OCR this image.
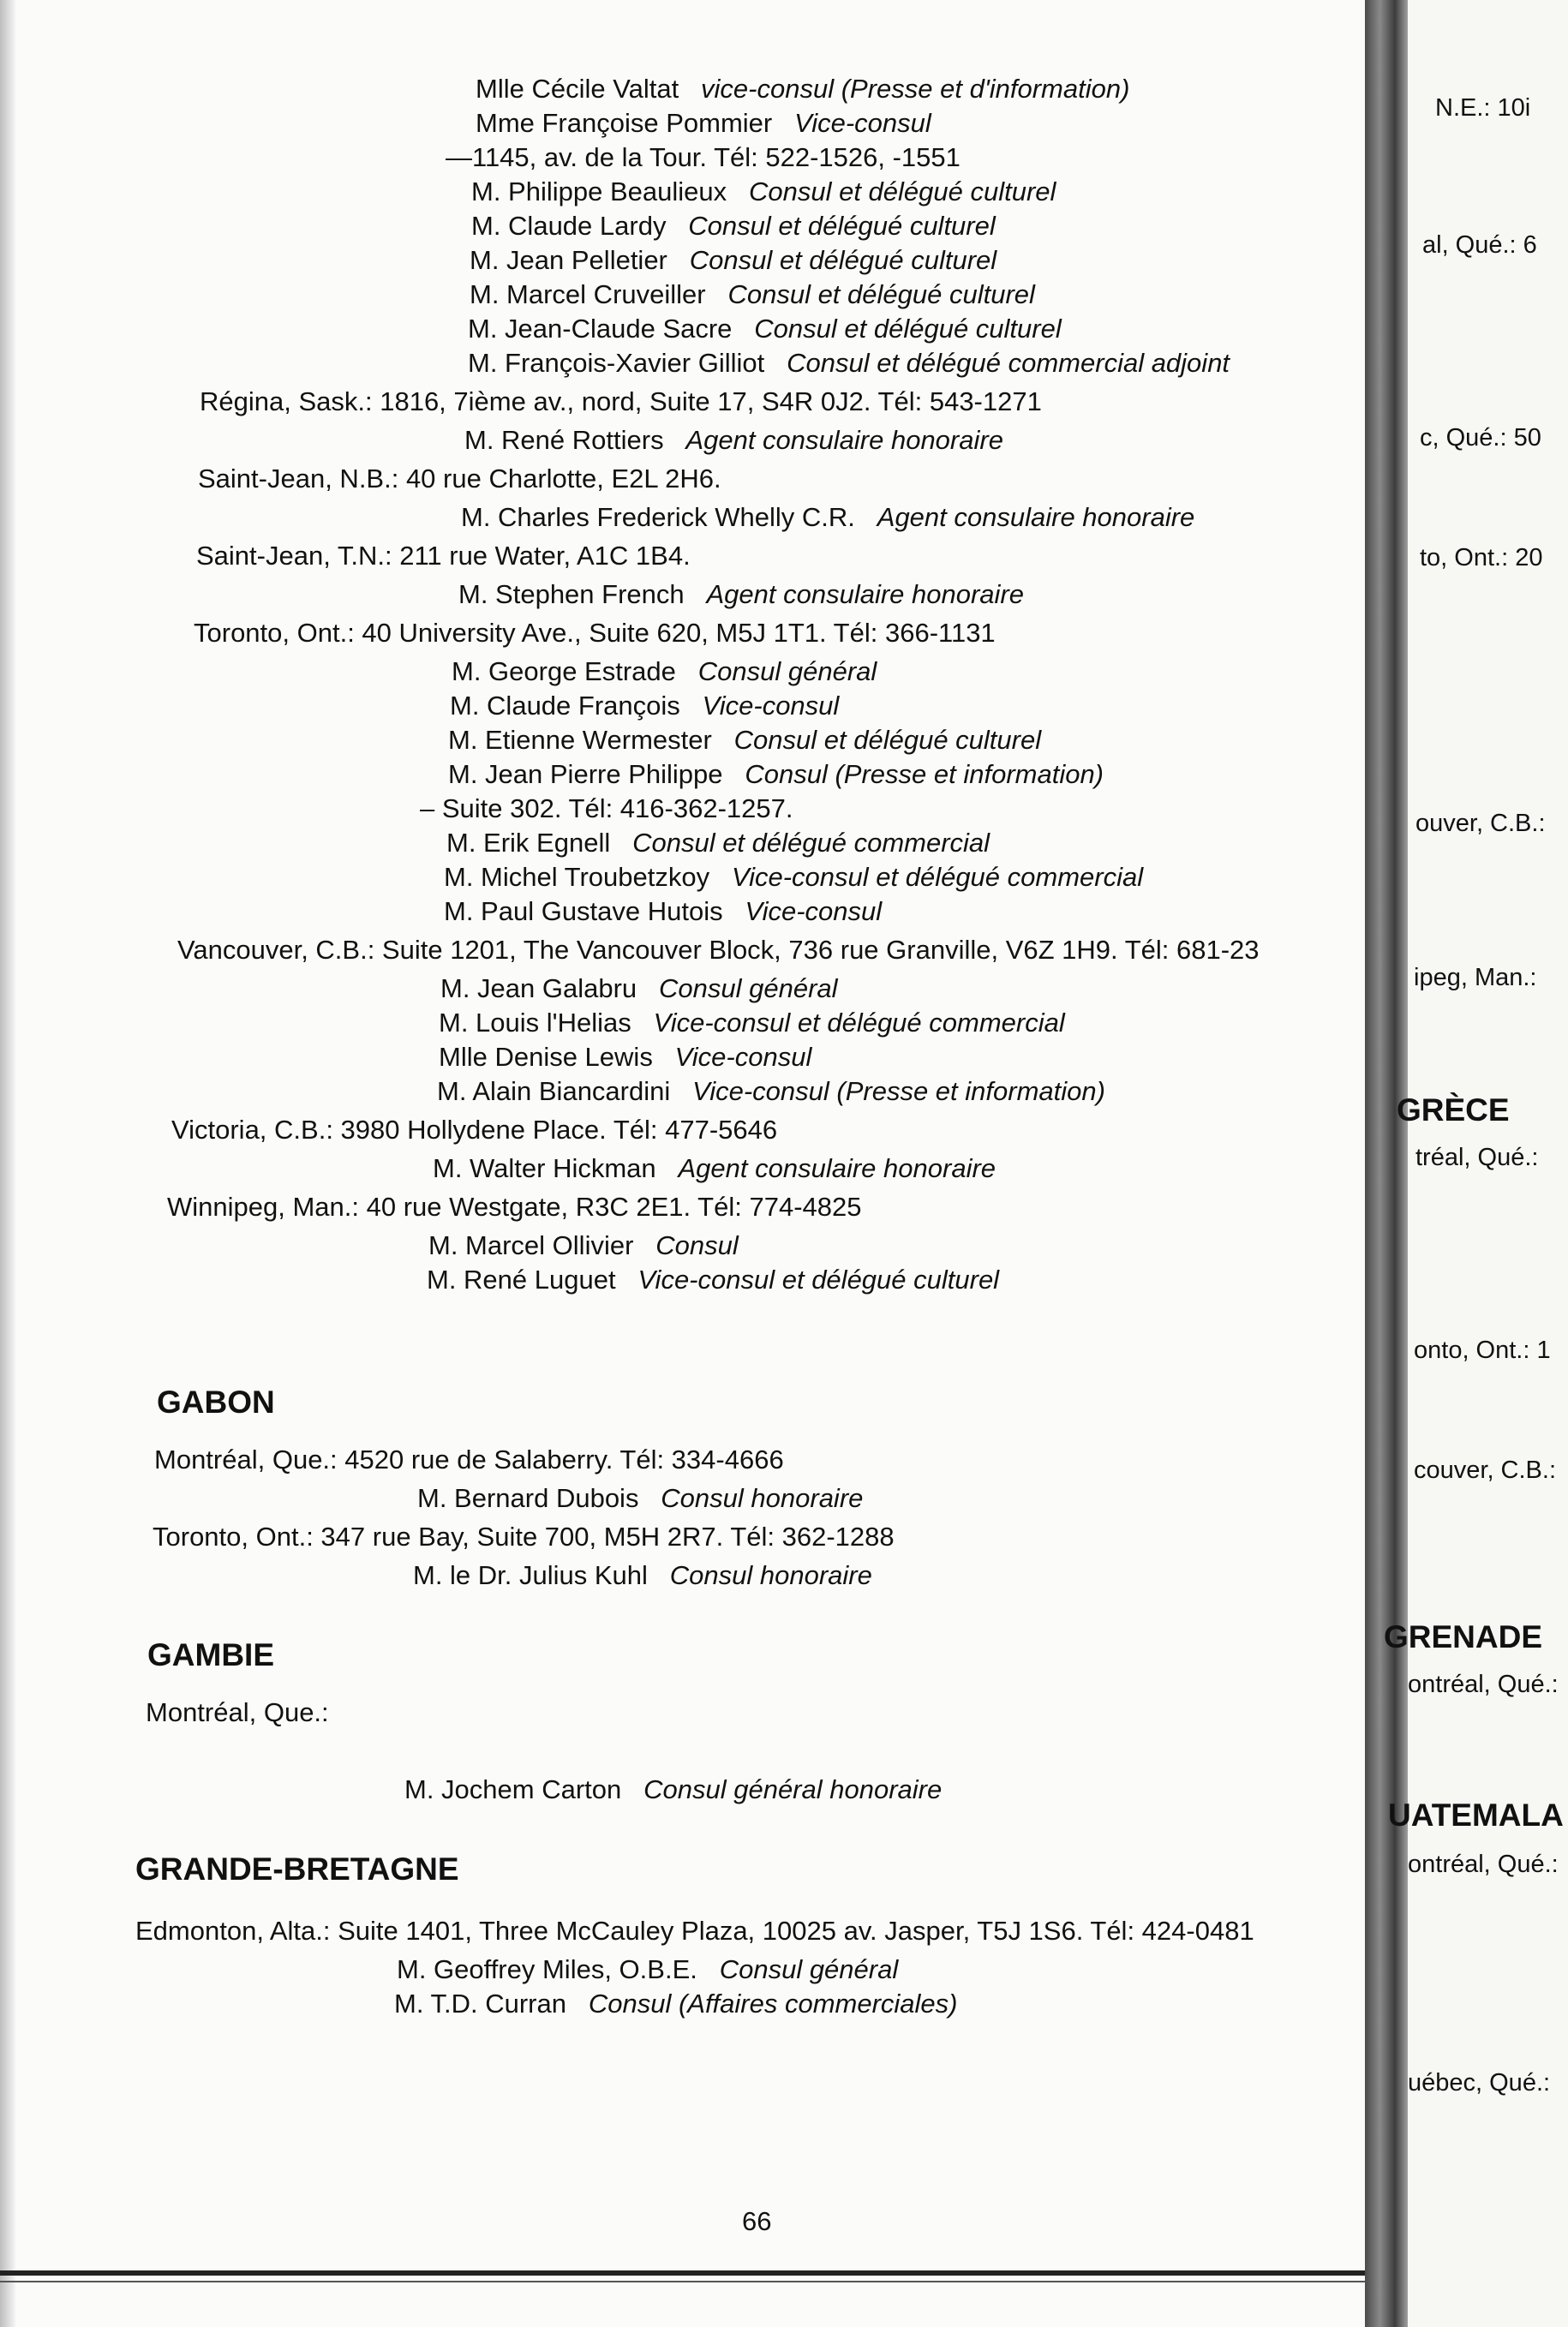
Mlle Cécile Valtat vice-consul (Presse et d'information)
Mme Françoise Pommier Vice-consul
—1145, av. de la Tour. Tél: 522-1526, -1551
M. Philippe Beaulieux Consul et délégué culturel
M. Claude Lardy Consul et délégué culturel
M. Jean Pelletier Consul et délégué culturel
M. Marcel Cruveiller Consul et délégué culturel
M. Jean-Claude Sacre Consul et délégué culturel
M. François-Xavier Gilliot Consul et délégué commercial adjoint
Régina, Sask.: 1816, 7ième av., nord, Suite 17, S4R 0J2. Tél: 543-1271
M. René Rottiers Agent consulaire honoraire
Saint-Jean, N.B.: 40 rue Charlotte, E2L 2H6.
M. Charles Frederick Whelly C.R. Agent consulaire honoraire
Saint-Jean, T.N.: 211 rue Water, A1C 1B4.
M. Stephen French Agent consulaire honoraire
Toronto, Ont.: 40 University Ave., Suite 620, M5J 1T1. Tél: 366-1131
M. George Estrade Consul général
M. Claude François Vice-consul
M. Etienne Wermester Consul et délégué culturel
M. Jean Pierre Philippe Consul (Presse et information)
– Suite 302. Tél: 416-362-1257.
M. Erik Egnell Consul et délégué commercial
M. Michel Troubetzkoy Vice-consul et délégué commercial
M. Paul Gustave Hutois Vice-consul
Vancouver, C.B.: Suite 1201, The Vancouver Block, 736 rue Granville, V6Z 1H9. Tél: 681-23
M. Jean Galabru Consul général
M. Louis l'Helias Vice-consul et délégué commercial
Mlle Denise Lewis Vice-consul
M. Alain Biancardini Vice-consul (Presse et information)
Victoria, C.B.: 3980 Hollydene Place. Tél: 477-5646
M. Walter Hickman Agent consulaire honoraire
Winnipeg, Man.: 40 rue Westgate, R3C 2E1. Tél: 774-4825
M. Marcel Ollivier Consul
M. René Luguet Vice-consul et délégué culturel
Montréal, Que.: 4520 rue de Salaberry. Tél: 334-4666
M. Bernard Dubois Consul honoraire
Toronto, Ont.: 347 rue Bay, Suite 700, M5H 2R7. Tél: 362-1288
M. le Dr. Julius Kuhl Consul honoraire
Montréal, Que.:
M. Jochem Carton Consul général honoraire
Edmonton, Alta.: Suite 1401, Three McCauley Plaza, 10025 av. Jasper, T5J 1S6. Tél: 424-0481
M. Geoffrey Miles, O.B.E. Consul général
M. T.D. Curran Consul (Affaires commerciales)
GABON
GAMBIE
GRANDE-BRETAGNE
66
N.E.: 10i
al, Qué.: 6
c, Qué.: 50
to, Ont.: 20
ouver, C.B.:
ipeg, Man.:
GRÈCE
tréal, Qué.:
onto, Ont.: 1
couver, C.B.:
GRENADE
ontréal, Qué.:
UATEMALA
ontréal, Qué.:
uébec, Qué.:
